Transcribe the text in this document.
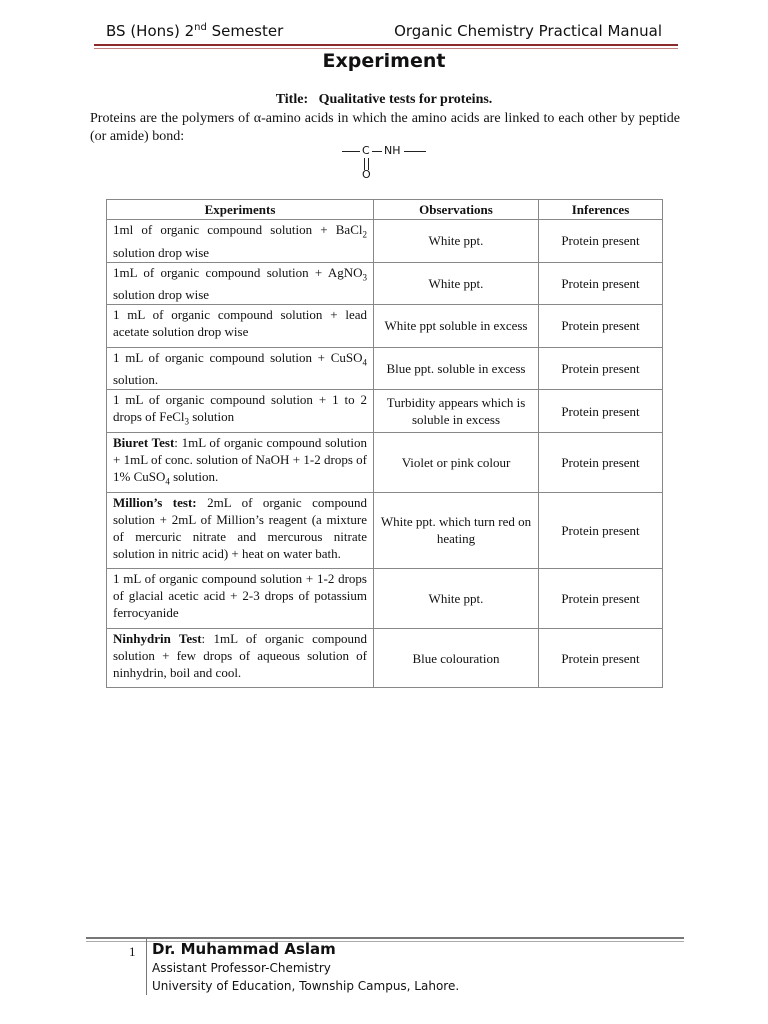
BS (Hons) 2nd Semester	Organic Chemistry Practical Manual
Experiment
Title: Qualitative tests for proteins.
Proteins are the polymers of α-amino acids in which the amino acids are linked to each other by peptide (or amide) bond:
C NH
O
Experiments	Observations	Inferences
1ml of organic compound solution + BaCl$_2$ solution drop wise	White ppt.	Protein present
1mL of organic compound solution + AgNO$_3$ solution drop wise	White ppt.	Protein present
1 mL of organic compound solution + lead acetate solution drop wise	White ppt soluble in excess	Protein present
1 mL of organic compound solution + CuSO$_4$ solution.	Blue ppt. soluble in excess	Protein present
1 mL of organic compound solution + 1 to 2 drops of FeCl$_3$ solution	Turbidity appears which is soluble in excess	Protein present
Biuret Test: 1mL of organic compound solution + 1mL of conc. solution of NaOH + 1-2 drops of 1% CuSO$_4$ solution.	Violet or pink colour	Protein present
Million’s test: 2mL of organic compound solution + 2mL of Million’s reagent (a mixture of mercuric nitrate and mercurous nitrate solution in nitric acid) + heat on water bath.	White ppt. which turn red on heating	Protein present
1 mL of organic compound solution + 1-2 drops of glacial acetic acid + 2-3 drops of potassium ferrocyanide	White ppt.	Protein present
Ninhydrin Test: 1mL of organic compound solution + few drops of aqueous solution of ninhydrin, boil and cool.	Blue colouration	Protein present
1 Dr. Muhammad Aslam
Assistant Professor-Chemistry
University of Education, Township Campus, Lahore.
